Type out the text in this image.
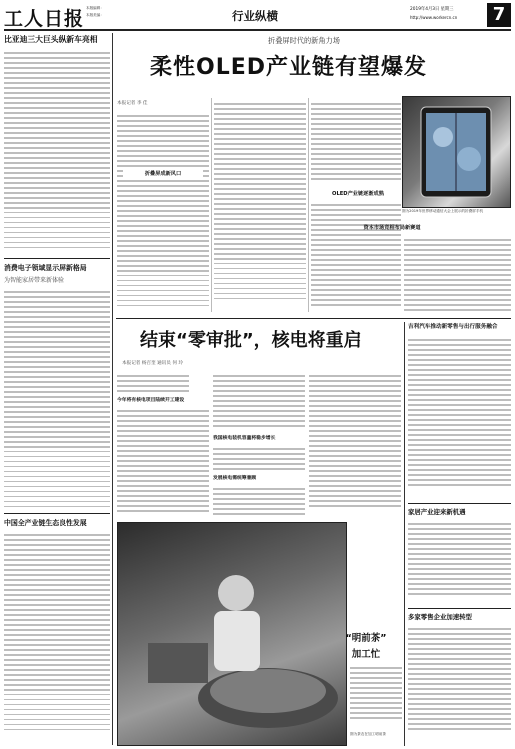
工人日报 本版编辑：
本版美编：	行业纵横	2019年4月3日 星期三
http://www.workercn.cn	7
比亚迪三大巨头纵新车亮相
消费电子领域显示屏新格局
为智能家居带来新体验
中国全产业链生态良性发展
折叠屏时代的新角力场
柔性OLED产业链有望爆发
本报记者 李 佳
折叠屏成新风口
OLED产业链逐渐成熟
图为2019年世界移动通信大会上展示的折叠屏手机
资本市场竞相布局新赛道
结束“零审批”，核电将重启
本报记者 杨召奎 通讯员 何 玲
今年将有核电项目陆续开工建设
我国核电装机容量将稳步增长
发展核电需统筹兼顾
“明前茶”
加工忙
图为茶农在加工明前茶
吉利汽车推动新零售与出行服务融合
家居产业迎来新机遇
多家零售企业加速转型
